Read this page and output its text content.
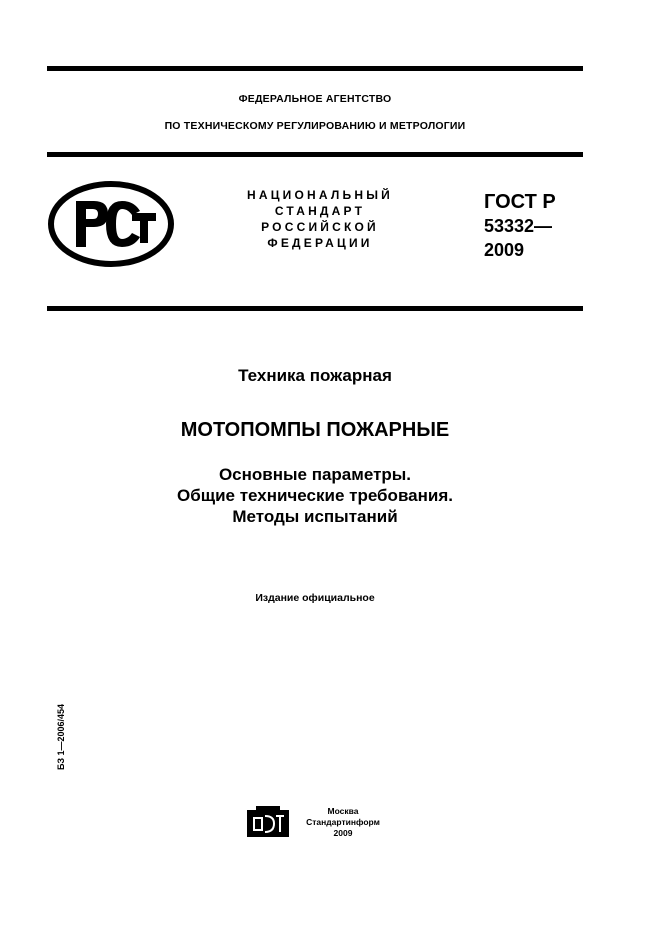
ФЕДЕРАЛЬНОЕ АГЕНТСТВО
ПО ТЕХНИЧЕСКОМУ РЕГУЛИРОВАНИЮ И МЕТРОЛОГИИ
НАЦИОНАЛЬНЫЙ
СТАНДАРТ
РОССИЙСКОЙ
ФЕДЕРАЦИИ
ГОСТ Р
53332—
2009
Техника пожарная
МОТОПОМПЫ ПОЖАРНЫЕ
Основные параметры.
Общие технические требования.
Методы испытаний
Издание официальное
БЗ 1—2006/454
Москва
Стандартинформ
2009
